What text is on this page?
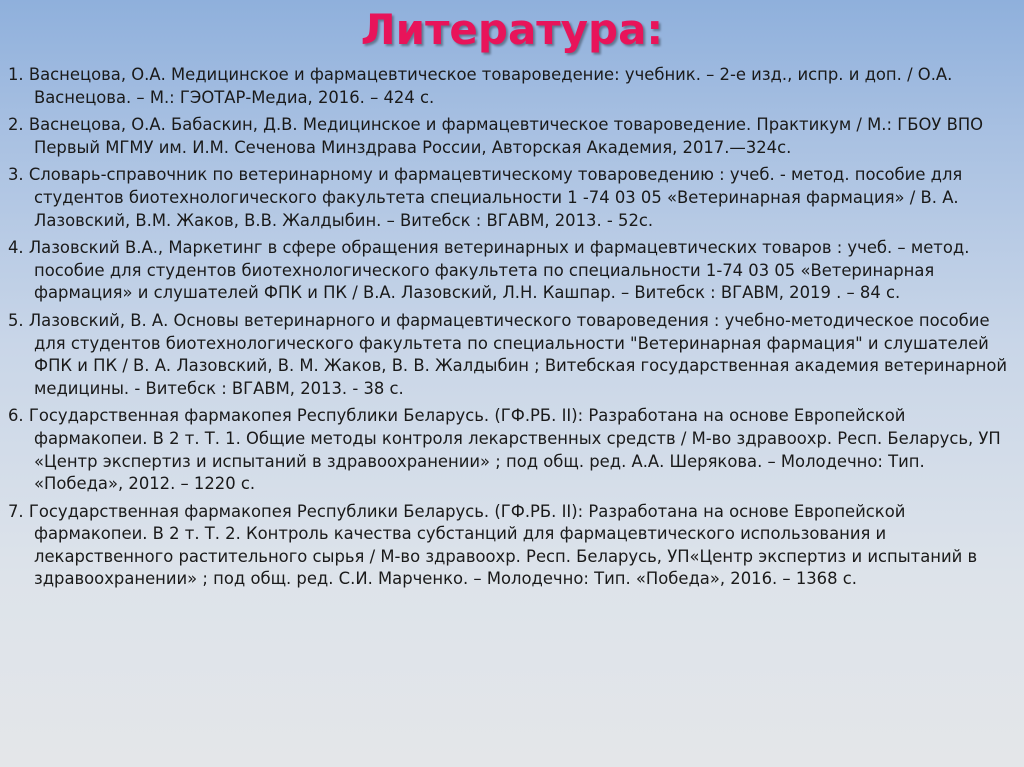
Литература:
1. Васнецова, О.А. Медицинское и фармацевтическое товароведение: учебник. – 2-е изд., испр. и доп. / О.А. Васнецова. – М.: ГЭОТАР-Медиа, 2016. – 424 с.
2. Васнецова, О.А. Бабаскин, Д.В. Медицинское и фармацевтическое товароведение. Практикум / М.: ГБОУ ВПО Первый МГМУ им. И.М. Сеченова Минздрава России, Авторская Академия, 2017.—324с.
3. Словарь-справочник по ветеринарному и фармацевтическому товароведению : учеб. - метод. пособие для студентов биотехнологического факультета специальности 1 -74 03 05 «Ветеринарная фармация» / В. А. Лазовский, В.М. Жаков, В.В. Жалдыбин. – Витебск : ВГАВМ, 2013. - 52с.
4. Лазовский В.А., Маркетинг в сфере обращения ветеринарных и фармацевтических товаров : учеб. – метод. пособие для студентов биотехнологического факультета по специальности 1-74 03 05 «Ветеринарная фармация» и слушателей ФПК и ПК / В.А. Лазовский, Л.Н. Кашпар. – Витебск : ВГАВМ, 2019 . – 84 с.
5. Лазовский, В. А. Основы ветеринарного и фармацевтического товароведения : учебно-методическое пособие для студентов биотехнологического факультета по специальности "Ветеринарная фармация" и слушателей ФПК и ПК / В. А. Лазовский, В. М. Жаков, В. В. Жалдыбин ; Витебская государственная академия ветеринарной медицины. - Витебск : ВГАВМ, 2013. - 38 с.
6. Государственная фармакопея Республики Беларусь. (ГФ.РБ. II): Разработана на основе Европейской фармакопеи. В 2 т. Т. 1. Общие методы контроля лекарственных средств / М-во здравоохр. Респ. Беларусь, УП «Центр экспертиз и испытаний в здравоохранении» ; под общ. ред. А.А. Шерякова. – Молодечно: Тип. «Победа», 2012. – 1220 с.
7. Государственная фармакопея Республики Беларусь. (ГФ.РБ. II): Разработана на основе Европейской фармакопеи. В 2 т. Т. 2. Контроль качества субстанций для фармацевтического использования и лекарственного растительного сырья / М-во здравоохр. Респ. Беларусь, УП«Центр экспертиз и испытаний в здравоохранении» ; под общ. ред. С.И. Марченко. – Молодечно: Тип. «Победа», 2016. – 1368 с.
